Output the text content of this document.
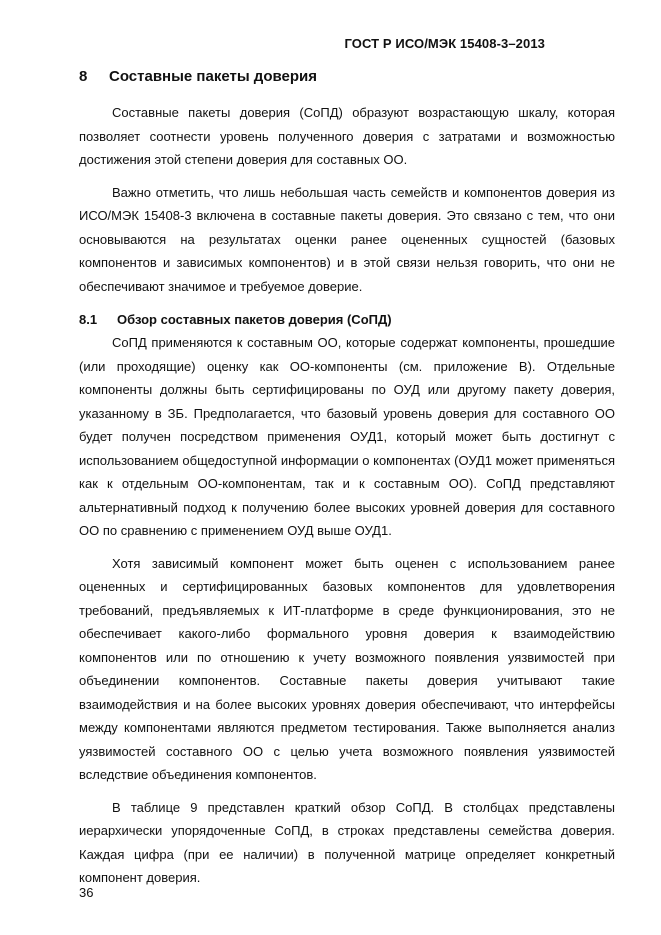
ГОСТ Р ИСО/МЭК 15408-3–2013
8 Составные пакеты доверия

Составные пакеты доверия (СоПД) образуют возрастающую шкалу, которая позволяет соотнести уровень полученного доверия с затратами и возможностью достижения этой степени доверия для составных ОО.

Важно отметить, что лишь небольшая часть семейств и компонентов доверия из ИСО/МЭК 15408-3 включена в составные пакеты доверия. Это связано с тем, что они основываются на результатах оценки ранее оцененных сущностей (базовых компонентов и зависимых компонентов) и в этой связи нельзя говорить, что они не обеспечивают значимое и требуемое доверие.

8.1 Обзор составных пакетов доверия (СоПД)

СоПД применяются к составным ОО, которые содержат компоненты, прошедшие (или проходящие) оценку как ОО-компоненты (см. приложение В). Отдельные компоненты должны быть сертифицированы по ОУД или другому пакету доверия, указанному в ЗБ. Предполагается, что базовый уровень доверия для составного ОО будет получен посредством применения ОУД1, который может быть достигнут с использованием общедоступной информации о компонентах (ОУД1 может применяться как к отдельным ОО-компонентам, так и к составным ОО). СоПД представляют альтернативный подход к получению более высоких уровней доверия для составного ОО по сравнению с применением ОУД выше ОУД1.

Хотя зависимый компонент может быть оценен с использованием ранее оцененных и сертифицированных базовых компонентов для удовлетворения требований, предъявляемых к ИТ-платформе в среде функционирования, это не обеспечивает какого-либо формального уровня доверия к взаимодействию компонентов или по отношению к учету возможного появления уязвимостей при объединении компонентов. Составные пакеты доверия учитывают такие взаимодействия и на более высоких уровнях доверия обеспечивают, что интерфейсы между компонентами являются предметом тестирования. Также выполняется анализ уязвимостей составного ОО с целью учета возможного появления уязвимостей вследствие объединения компонентов.

В таблице 9 представлен краткий обзор СоПД. В столбцах представлены иерархически упорядоченные СоПД, в строках представлены семейства доверия. Каждая цифра (при ее наличии) в полученной матрице определяет конкретный компонент доверия.

36
